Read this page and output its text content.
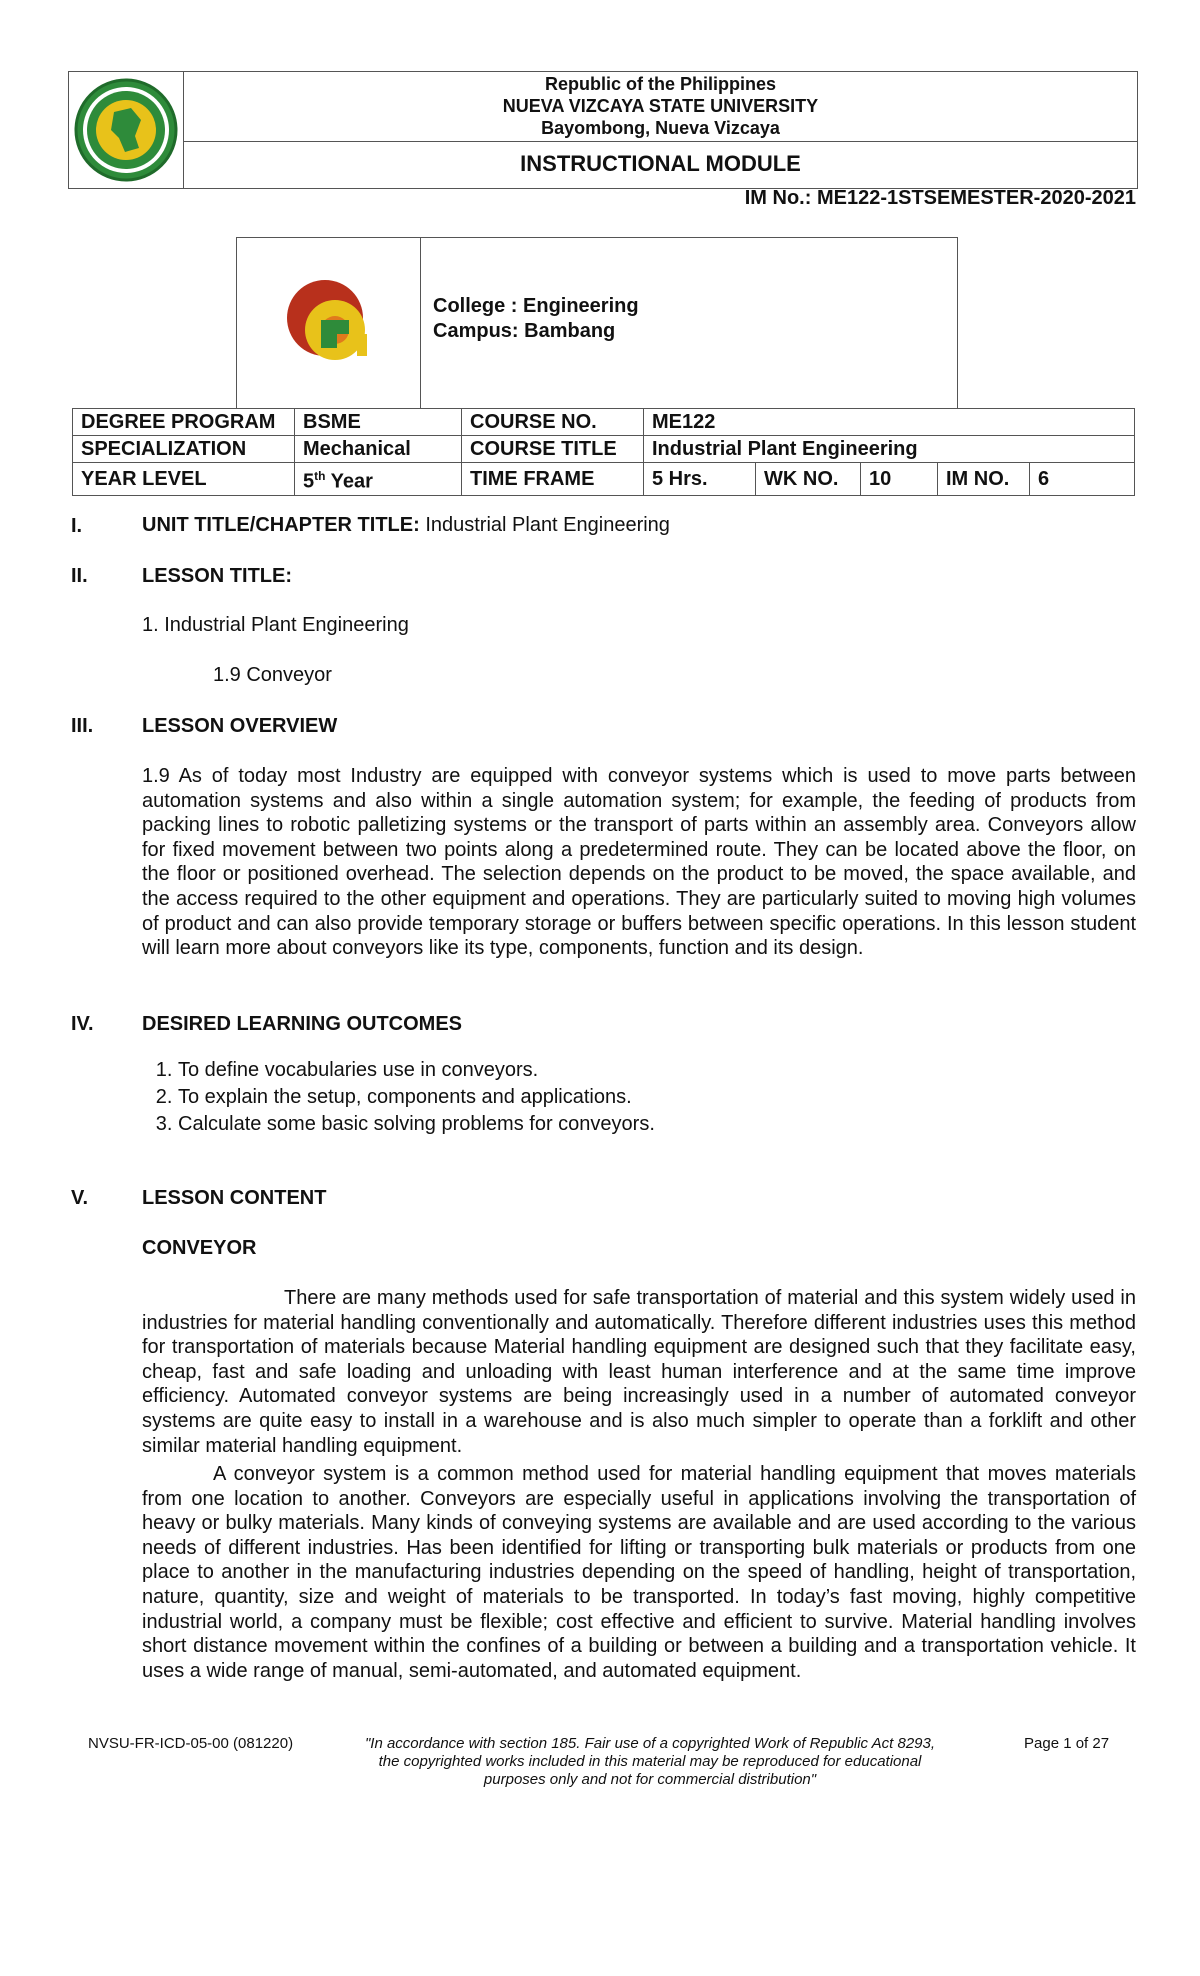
Republic of the Philippines
NUEVA VIZCAYA STATE UNIVERSITY
Bayombong, Nueva Vizcaya
INSTRUCTIONAL MODULE
IM No.: ME122-1STSEMESTER-2020-2021
College : Engineering
Campus: Bambang
DEGREE PROGRAM	BSME	COURSE NO.	ME122				
SPECIALIZATION	Mechanical	COURSE TITLE	Industrial Plant Engineering				
YEAR LEVEL	5th Year	TIME FRAME	5 Hrs.	WK NO.	10	IM NO.	6
I.	UNIT TITLE/CHAPTER TITLE: Industrial Plant Engineering
II.	LESSON TITLE:
1. Industrial Plant Engineering
1.9 Conveyor
III. LESSON OVERVIEW
1.9 As of today most Industry are equipped with conveyor systems which is used to move parts between automation systems and also within a single automation system; for example, the feeding of products from packing lines to robotic palletizing systems or the transport of parts within an assembly area. Conveyors allow for fixed movement between two points along a predetermined route. They can be located above the floor, on the floor or positioned overhead. The selection depends on the product to be moved, the space available, and the access required to the other equipment and operations. They are particularly suited to moving high volumes of product and can also provide temporary storage or buffers between specific operations. In this lesson student will learn more about conveyors like its type, components, function and its design.
IV. DESIRED LEARNING OUTCOMES
1. To define vocabularies use in conveyors.
2. To explain the setup, components and applications.
3. Calculate some basic solving problems for conveyors.
V.	LESSON CONTENT
CONVEYOR
There are many methods used for safe transportation of material and this system widely used in industries for material handling conventionally and automatically. Therefore different industries uses this method for transportation of materials because Material handling equipment are designed such that they facilitate easy, cheap, fast and safe loading and unloading with least human interference and at the same time improve efficiency. Automated conveyor systems are being increasingly used in a number of automated conveyor systems are quite easy to install in a warehouse and is also much simpler to operate than a forklift and other similar material handling equipment.
A conveyor system is a common method used for material handling equipment that moves materials from one location to another. Conveyors are especially useful in applications involving the transportation of heavy or bulky materials. Many kinds of conveying systems are available and are used according to the various needs of different industries. Has been identified for lifting or transporting bulk materials or products from one place to another in the manufacturing industries depending on the speed of handling, height of transportation, nature, quantity, size and weight of materials to be transported. In today’s fast moving, highly competitive industrial world, a company must be flexible; cost effective and efficient to survive. Material handling involves short distance movement within the confines of a building or between a building and a transportation vehicle. It uses a wide range of manual, semi-automated, and automated equipment.
NVSU-FR-ICD-05-00 (081220)	"In accordance with section 185. Fair use of a copyrighted Work of Republic Act 8293,
the copyrighted works included in this material may be reproduced for educational
purposes only and not for commercial distribution"
Page 1 of 27
